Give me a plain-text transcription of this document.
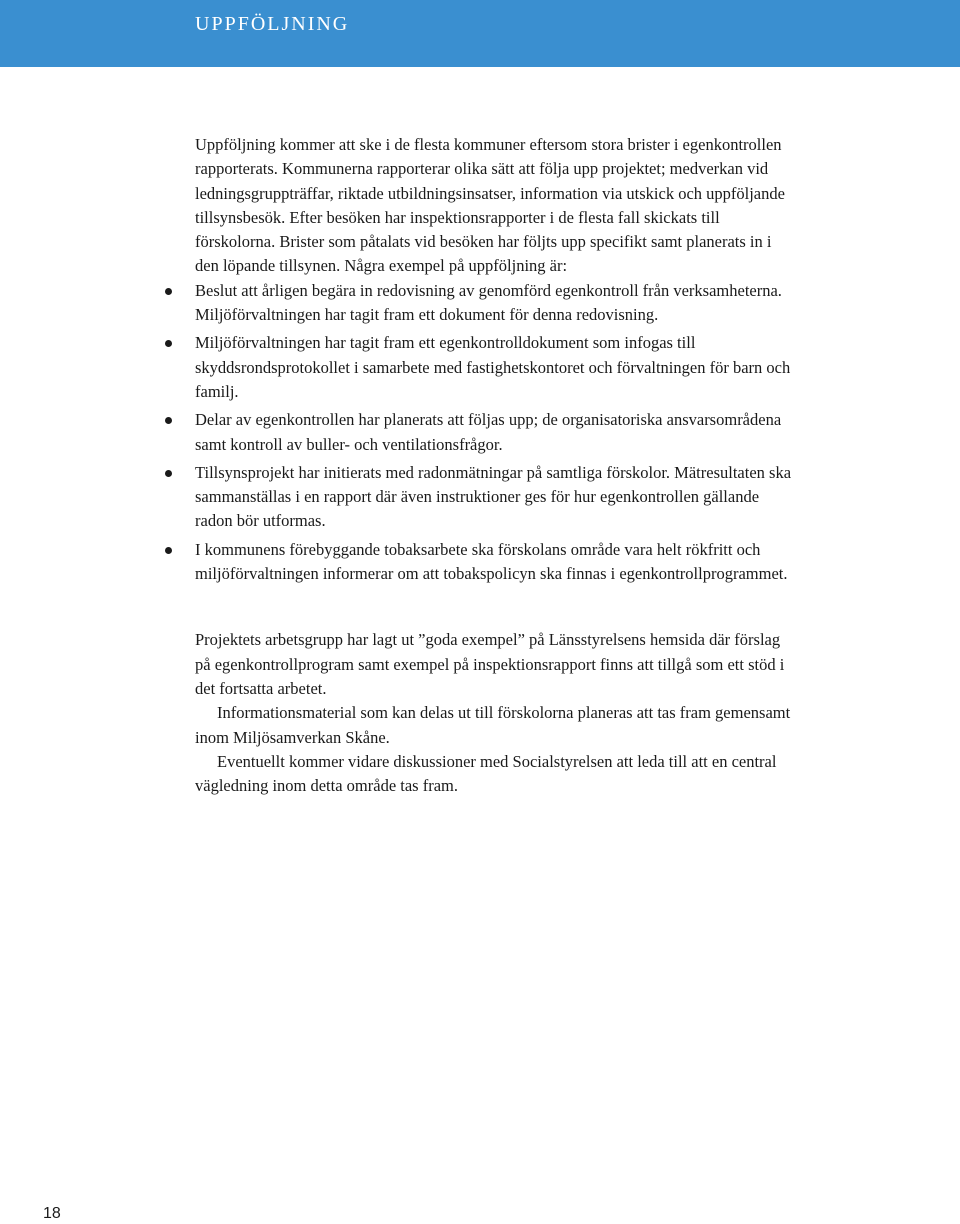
uppföljning

Uppföljning kommer att ske i de flesta kommuner eftersom stora brister i egenkontrollen rapporterats. Kommunerna rapporterar olika sätt att följa upp projektet; medverkan vid ledningsgruppträffar, riktade utbildningsinsatser, information via utskick och uppföljande tillsynsbesök. Efter besöken har inspektionsrapporter i de flesta fall skickats till förskolorna. Brister som påtalats vid besöken har följts upp specifikt samt planerats in i den löpande tillsynen. Några exempel på uppföljning är:

Beslut att årligen begära in redovisning av genomförd egenkontroll från verksamheterna. Miljöförvaltningen har tagit fram ett dokument för denna redovisning.
Miljöförvaltningen har tagit fram ett egenkontrolldokument som infogas till skyddsrondsprotokollet i samarbete med fastighetskontoret och förvaltningen för barn och familj.
Delar av egenkontrollen har planerats att följas upp; de organisatoriska ansvarsområdena samt kontroll av buller- och ventilationsfrågor.
Tillsynsprojekt har initierats med radonmätningar på samtliga förskolor. Mätresultaten ska sammanställas i en rapport där även instruktioner ges för hur egenkontrollen gällande radon bör utformas.
I kommunens förebyggande tobaksarbete ska förskolans område vara helt rökfritt och miljöförvaltningen informerar om att tobakspolicyn ska finnas i egenkontrollprogrammet.

Projektets arbetsgrupp har lagt ut ”goda exempel” på Länsstyrelsens hemsida där förslag på egenkontrollprogram samt exempel på inspektionsrapport finns att tillgå som ett stöd i det fortsatta arbetet.

Informationsmaterial som kan delas ut till förskolorna planeras att tas fram gemensamt inom Miljösamverkan Skåne.

Eventuellt kommer vidare diskussioner med Socialstyrelsen att leda till att en central vägledning inom detta område tas fram.

18
